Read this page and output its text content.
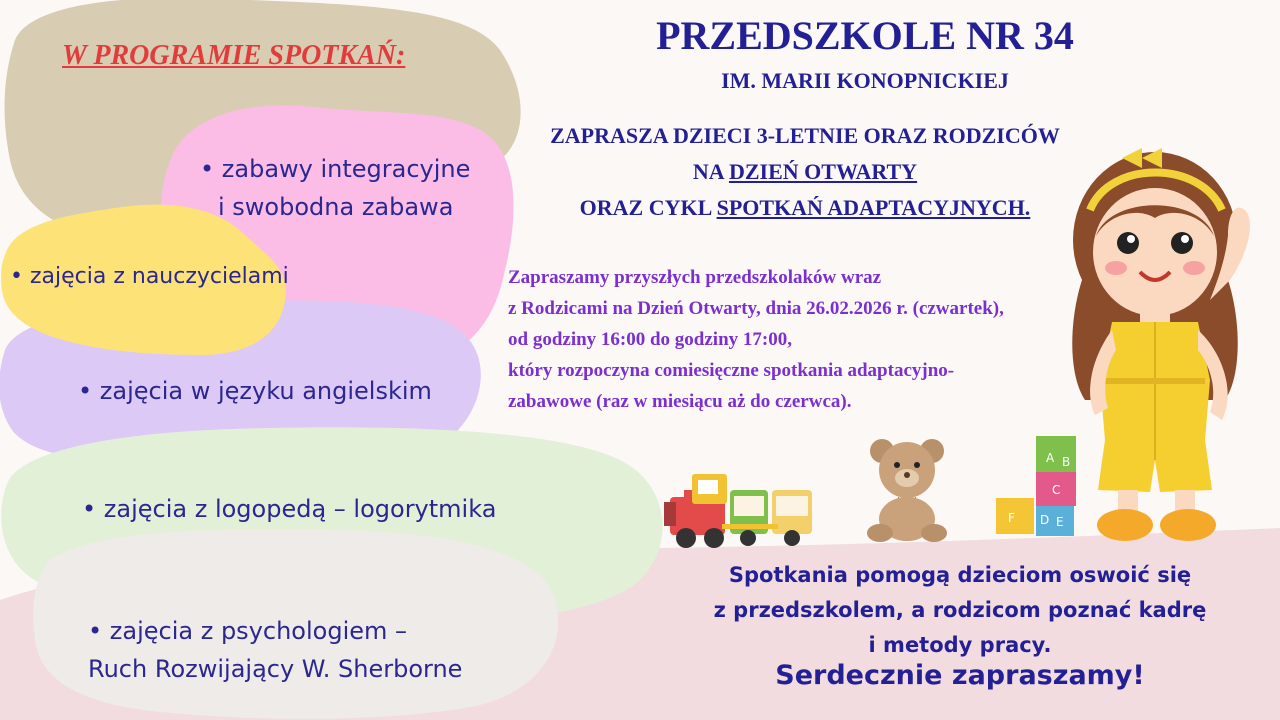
W PROGRAMIE SPOTKAŃ:
• zabawy integracyjne
i swobodna zabawa
• zajęcia z nauczycielami
• zajęcia w języku angielskim
• zajęcia z logopedą – logorytmika
• zajęcia z psychologiem –
Ruch Rozwijający W. Sherborne
PRZEDSZKOLE NR 34
IM. MARII KONOPNICKIEJ
ZAPRASZA DZIECI 3-LETNIE ORAZ RODZICÓW
NA DZIEŃ OTWARTY
ORAZ CYKL SPOTKAŃ ADAPTACYJNYCH.
Zapraszamy przyszłych przedszkolaków wraz
z Rodzicami na Dzień Otwarty, dnia 26.02.2026 r. (czwartek),
od godziny 16:00 do godziny 17:00,
który rozpoczyna comiesięczne spotkania adaptacyjno-
zabawowe (raz w miesiącu aż do czerwca).
A B
C
D E
F
Spotkania pomogą dzieciom oswoić się
z przedszkolem, a rodzicom poznać kadrę
i metody pracy.
Serdecznie zapraszamy!
